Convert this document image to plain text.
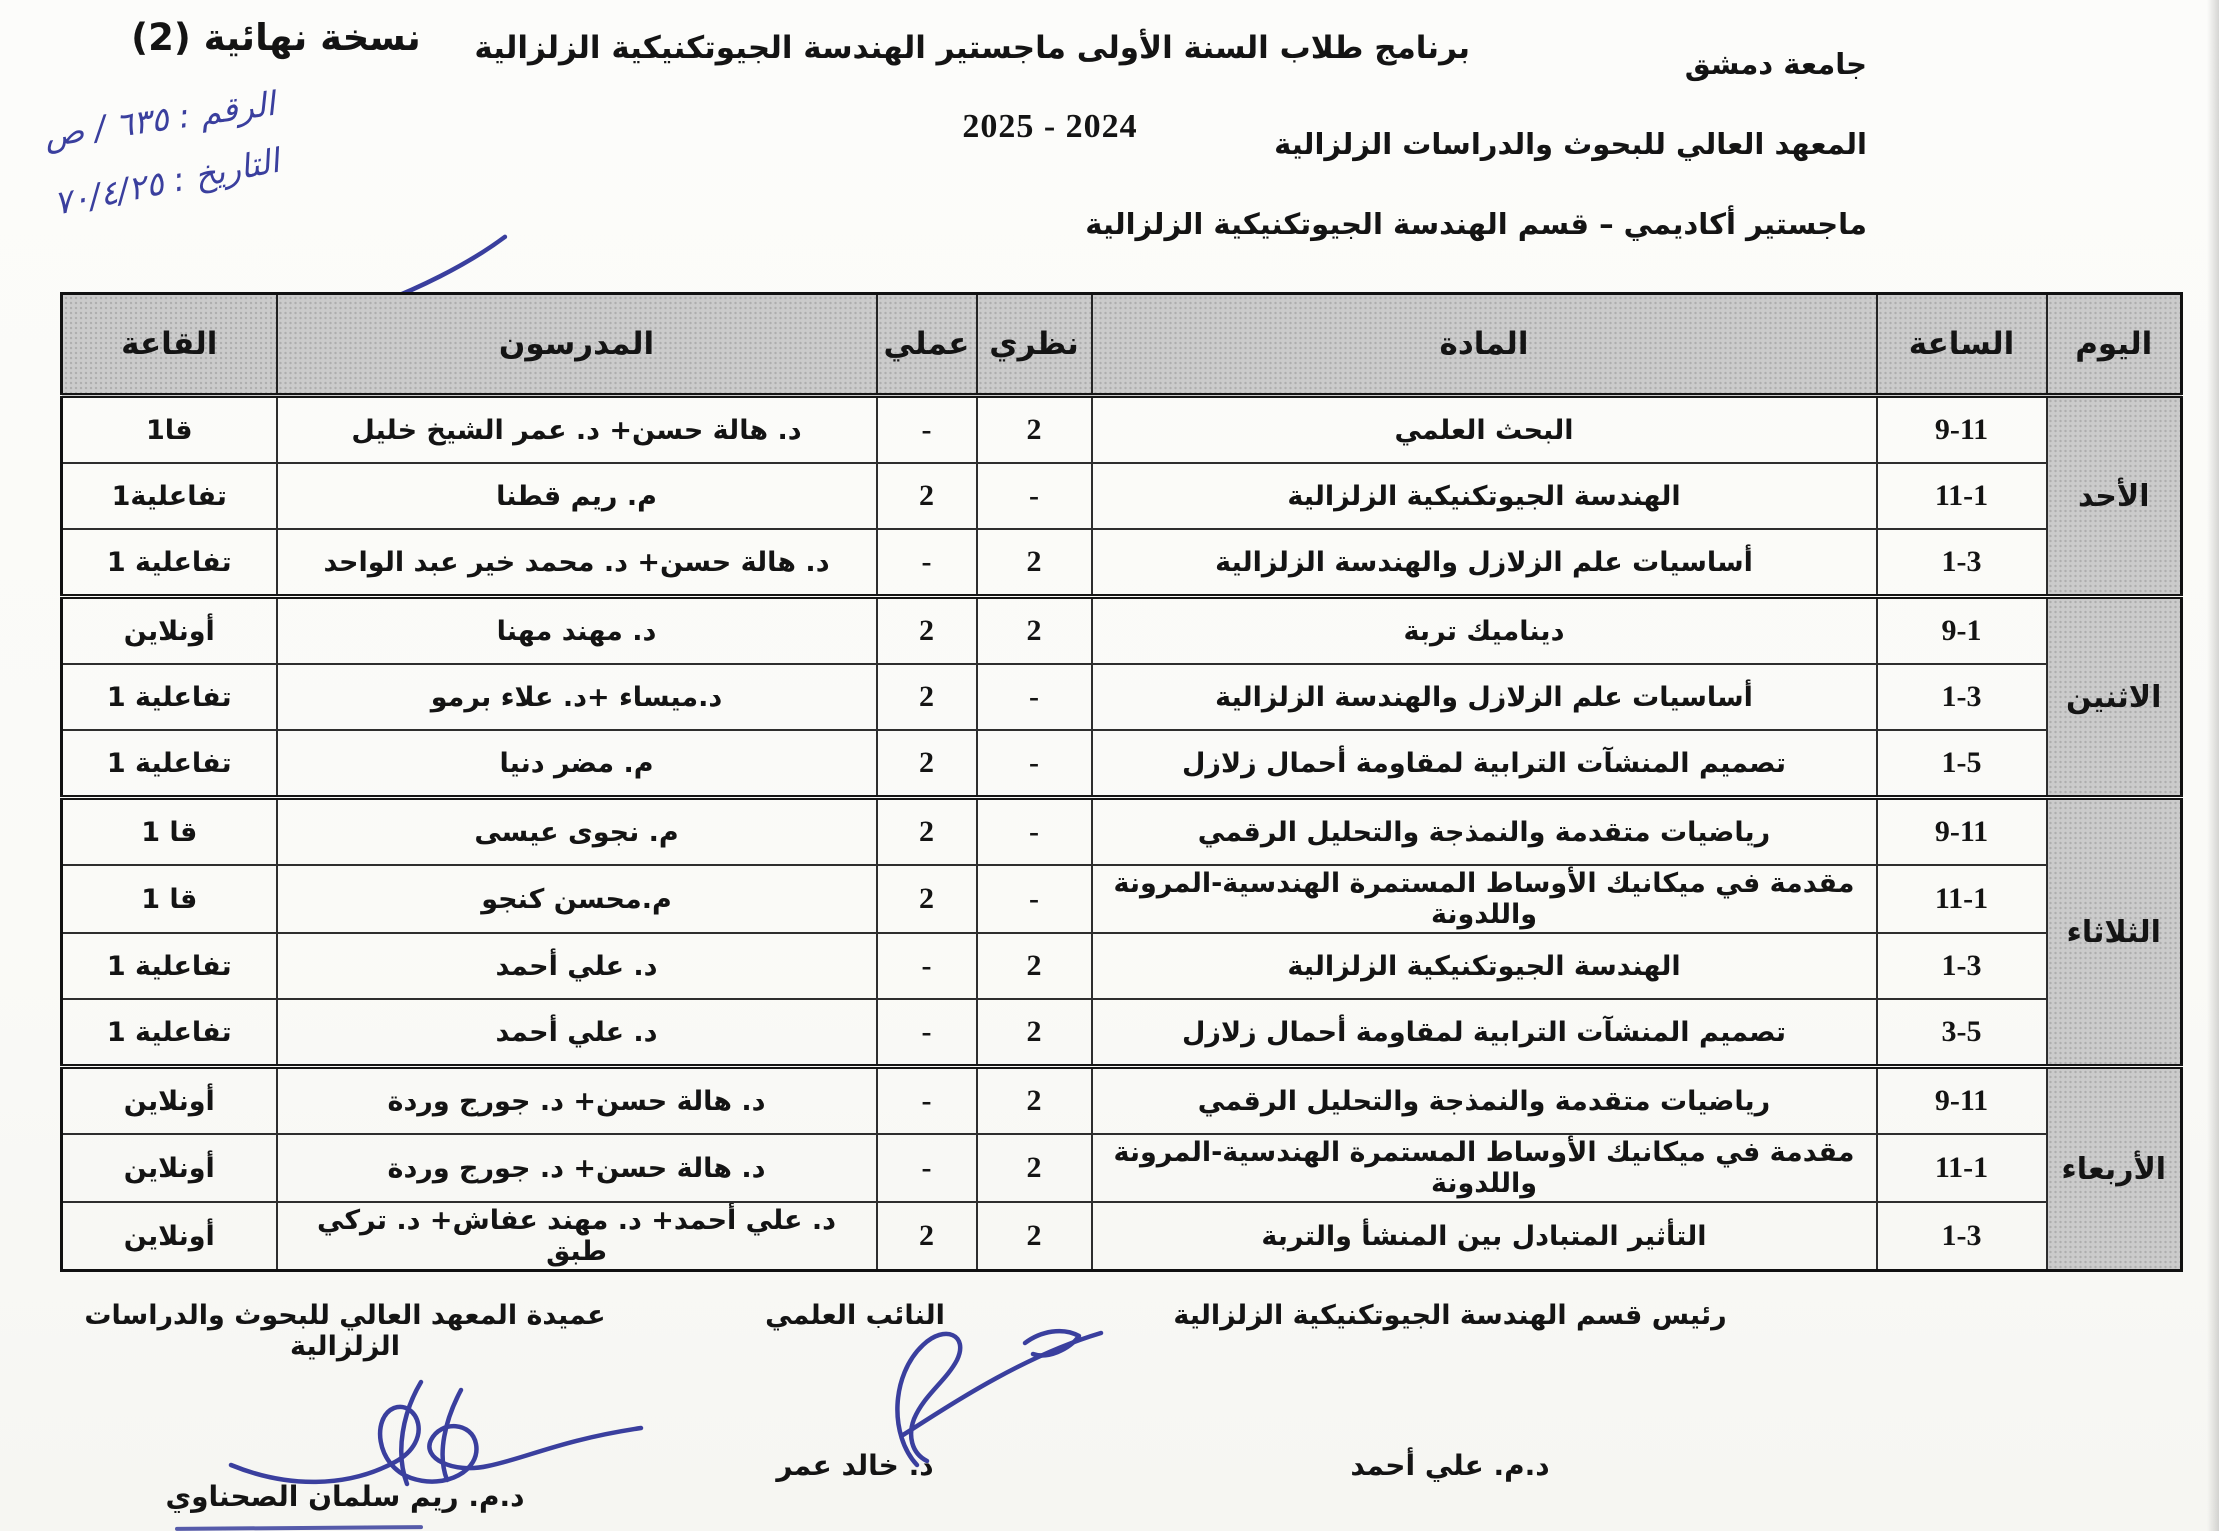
جامعة دمشق
المعهد العالي للبحوث والدراسات الزلزالية
ماجستير أكاديمي – قسم الهندسة الجيوتكنيكية الزلزالية
برنامج طلاب السنة الأولى ماجستير الهندسة الجيوتكنيكية الزلزالية
2025 - 2024
نسخة نهائية (2)
الرقم : ٦٣٥ / ص
التاريخ : ٧٠/٤/٢٥
اليوم	الساعة	المادة	نظري	عملي	المدرسون	القاعة
الأحد	9-11	البحث العلمي	2	-	د. هالة حسن+ د. عمر الشيخ خليل	قا1
	11-1	الهندسة الجيوتكنيكية الزلزالية	-	2	م. ريم قطنا	تفاعلية1
	1-3	أساسيات علم الزلازل والهندسة الزلزالية	2	-	د. هالة حسن+ د. محمد خير عبد الواحد	تفاعلية 1
الاثنين	9-1	ديناميك تربة	2	2	د. مهند مهنا	أونلاين
	1-3	أساسيات علم الزلازل والهندسة الزلزالية	-	2	د.ميساء +د. علاء برمو	تفاعلية 1
	1-5	تصميم المنشآت الترابية لمقاومة أحمال زلازل	-	2	م. مضر دنيا	تفاعلية 1
الثلاثاء	9-11	رياضيات متقدمة والنمذجة والتحليل الرقمي	-	2	م. نجوى عيسى	قا 1
	11-1	مقدمة في ميكانيك الأوساط المستمرة الهندسية-المرونة واللدونة	-	2	م.محسن كنجو	قا 1
	1-3	الهندسة الجيوتكنيكية الزلزالية	2	-	د. علي أحمد	تفاعلية 1
	3-5	تصميم المنشآت الترابية لمقاومة أحمال زلازل	2	-	د. علي أحمد	تفاعلية 1
الأربعاء	9-11	رياضيات متقدمة والنمذجة والتحليل الرقمي	2	-	د. هالة حسن+ د. جورج وردة	أونلاين
	11-1	مقدمة في ميكانيك الأوساط المستمرة الهندسية-المرونة واللدونة	2	-	د. هالة حسن+ د. جورج وردة	أونلاين
	1-3	التأثير المتبادل بين المنشأ والتربة	2	2	د. علي أحمد+ د. مهند عفاش+ د. تركي طبق	أونلاين
رئيس قسم الهندسة الجيوتكنيكية الزلزالية
د.م. علي أحمد
النائب العلمي
د. خالد عمر
عميدة المعهد العالي للبحوث والدراسات الزلزالية
د.م. ريم سلمان الصحناوي
